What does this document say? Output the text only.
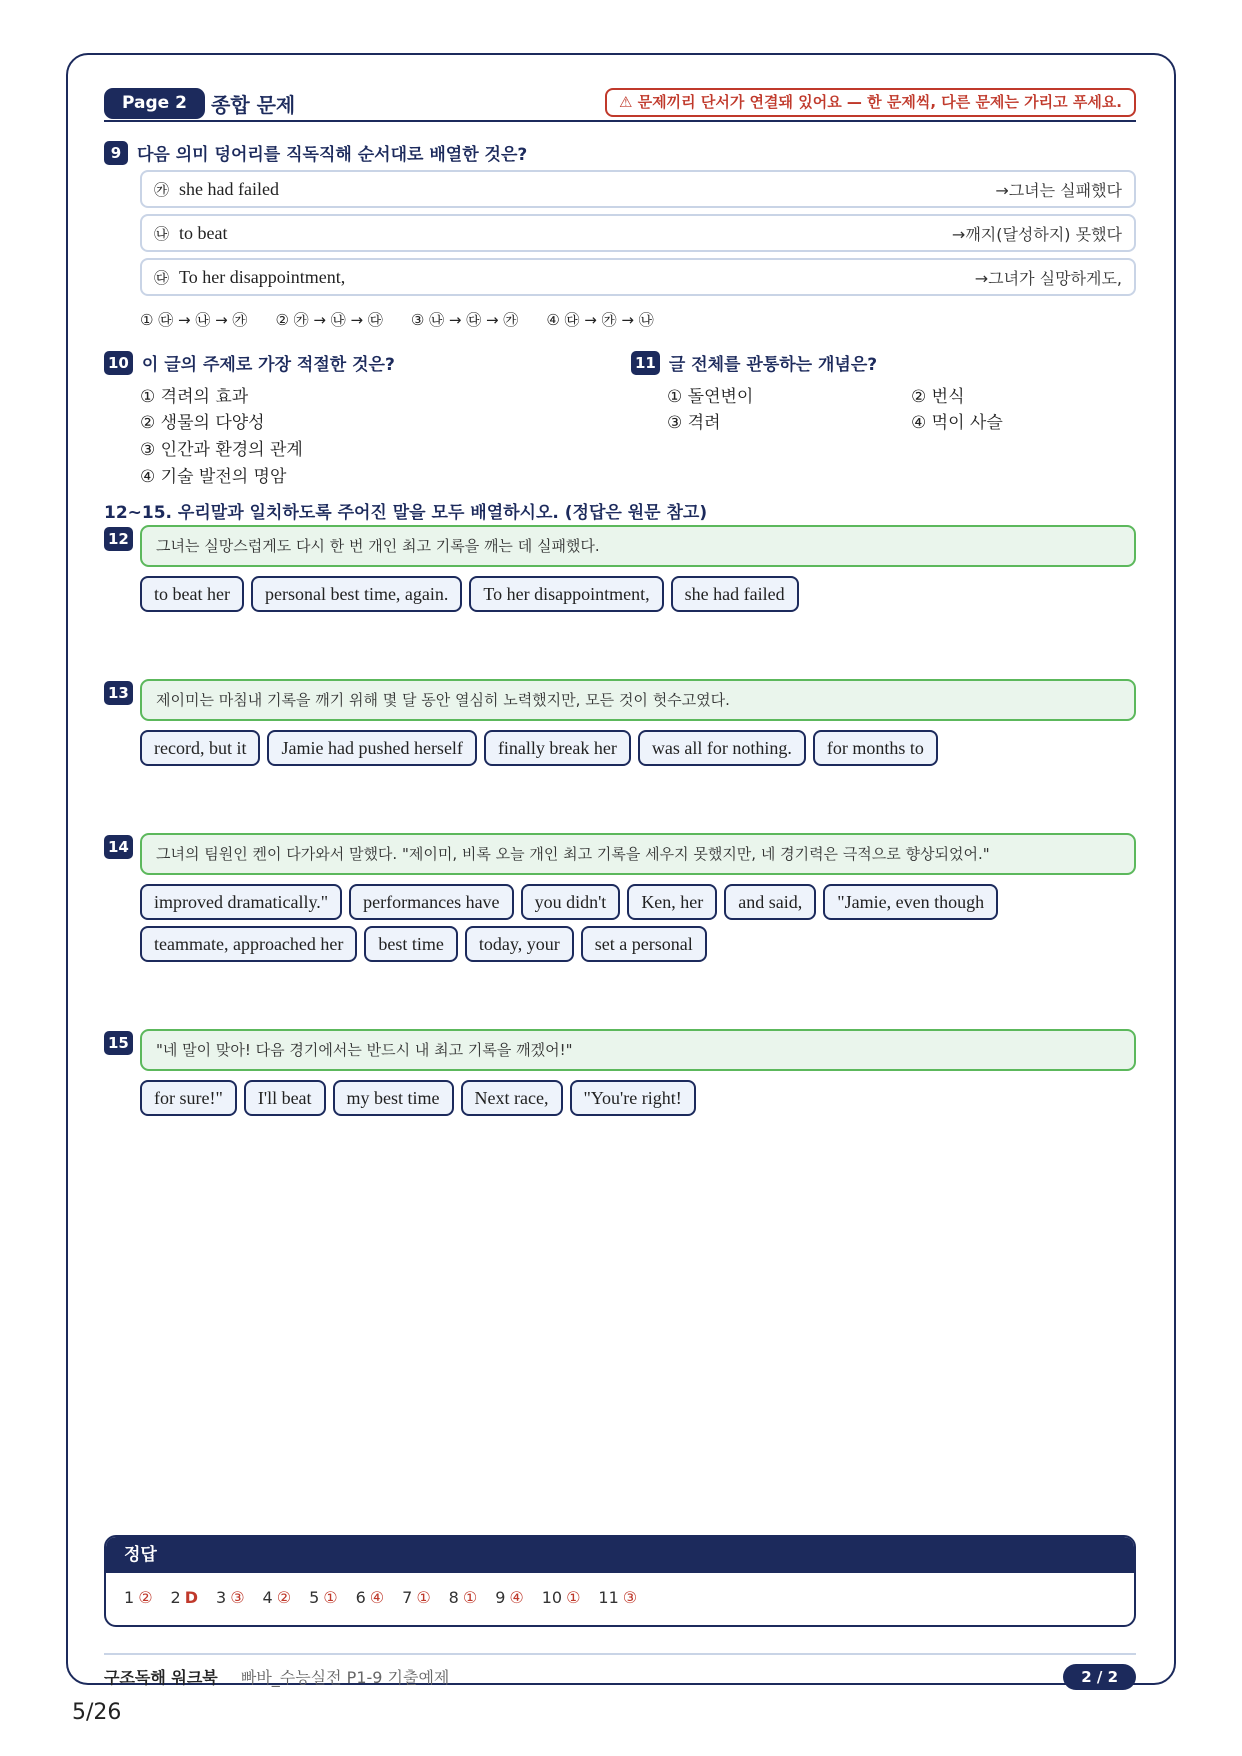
Page 2	종합 문제	⚠ 문제끼리 단서가 연결돼 있어요 — 한 문제씩, 다른 문제는 가리고 푸세요.
9 다음 의미 덩어리를 직독직해 순서대로 배열한 것은?
㉮ she had failed	→그녀는 실패했다
㉯ to beat	→깨지(달성하지) 못했다
㉰ To her disappointment,	→그녀가 실망하게도,
① ㉰ → ㉯ → ㉮ ② ㉮ → ㉯ → ㉰ ③ ㉯ → ㉰ → ㉮ ④ ㉰ → ㉮ → ㉯
10 이 글의 주제로 가장 적절한 것은?
① 격려의 효과
② 생물의 다양성
③ 인간과 환경의 관계
④ 기술 발전의 명암
11 글 전체를 관통하는 개념은?
① 돌연변이	② 번식
③ 격려	④ 먹이 사슬
12~15. 우리말과 일치하도록 주어진 말을 모두 배열하시오. (정답은 원문 참고)
12	그녀는 실망스럽게도 다시 한 번 개인 최고 기록을 깨는 데 실패했다.
to beat her	personal best time, again.	To her disappointment,	she had failed
13	제이미는 마침내 기록을 깨기 위해 몇 달 동안 열심히 노력했지만, 모든 것이 헛수고였다.
record, but it	Jamie had pushed herself	finally break her	was all for nothing.	for months to
14	그녀의 팀원인 켄이 다가와서 말했다. "제이미, 비록 오늘 개인 최고 기록을 세우지 못했지만, 네 경기력은 극적으로 향상되었어."
improved dramatically."	performances have	you didn't	Ken, her	and said,	"Jamie, even though
teammate, approached her	best time	today, your	set a personal
15	"네 말이 맞아! 다음 경기에서는 반드시 내 최고 기록을 깨겠어!"
for sure!"	I'll beat	my best time	Next race,	"You're right!
정답
1 ② 2 D 3 ③ 4 ② 5 ① 6 ④ 7 ① 8 ① 9 ④ 10 ① 11 ③
구조독해 워크북 빠바_수능실전 P1-9 기출예제	2 / 2
5/26
